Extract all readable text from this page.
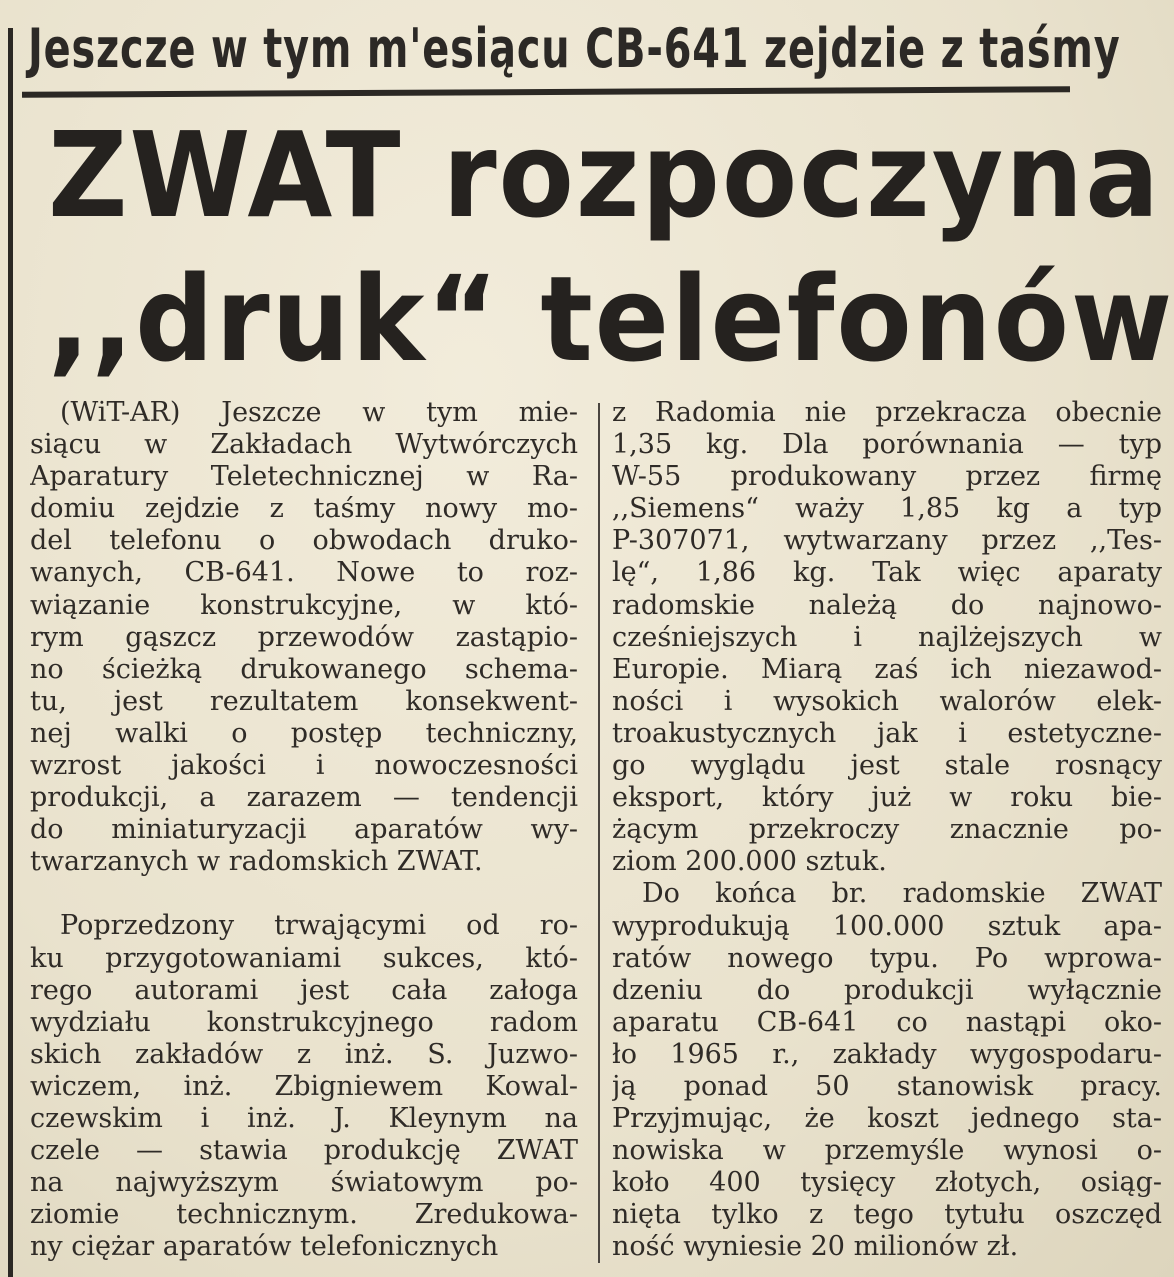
Jeszcze w tym m'esiącu CB-641 zejdzie z taśmy
ZWAT rozpoczyna
,,druk“ telefonów
(WiT-AR) Jeszcze w tym mie-
siącu w Zakładach Wytwórczych
Aparatury Teletechnicznej w Ra-
domiu zejdzie z taśmy nowy mo-
del telefonu o obwodach druko-
wanych, CB-641. Nowe to roz-
wiązanie konstrukcyjne, w któ-
rym gąszcz przewodów zastąpio-
no ścieżką drukowanego schema-
tu, jest rezultatem konsekwent-
nej walki o postęp techniczny,
wzrost jakości i nowoczesności
produkcji, a zarazem — tendencji
do miniaturyzacji aparatów wy-
twarzanych w radomskich ZWAT.
Poprzedzony trwającymi od ro-
ku przygotowaniami sukces, któ-
rego autorami jest cała załoga
wydziału konstrukcyjnego radom
skich zakładów z inż. S. Juzwo-
wiczem, inż. Zbigniewem Kowal-
czewskim i inż. J. Kleynym na
czele — stawia produkcję ZWAT
na najwyższym światowym po-
ziomie technicznym. Zredukowa-
ny ciężar aparatów telefonicznych
z Radomia nie przekracza obecnie
1,35 kg. Dla porównania — typ
W-55 produkowany przez firmę
,,Siemens“ waży 1,85 kg a typ
P-307071, wytwarzany przez ,,Tes-
lę“, 1,86 kg. Tak więc aparaty
radomskie należą do najnowo-
cześniejszych i najlżejszych w
Europie. Miarą zaś ich niezawod-
ności i wysokich walorów elek-
troakustycznych jak i estetyczne-
go wyglądu jest stale rosnący
eksport, który już w roku bie-
żącym przekroczy znacznie po-
ziom 200.000 sztuk.
Do końca br. radomskie ZWAT
wyprodukują 100.000 sztuk apa-
ratów nowego typu. Po wprowa-
dzeniu do produkcji wyłącznie
aparatu CB-641 co nastąpi oko-
ło 1965 r., zakłady wygospodaru-
ją ponad 50 stanowisk pracy.
Przyjmując, że koszt jednego sta-
nowiska w przemyśle wynosi o-
koło 400 tysięcy złotych, osiąg-
nięta tylko z tego tytułu oszczęd
ność wyniesie 20 milionów zł.
